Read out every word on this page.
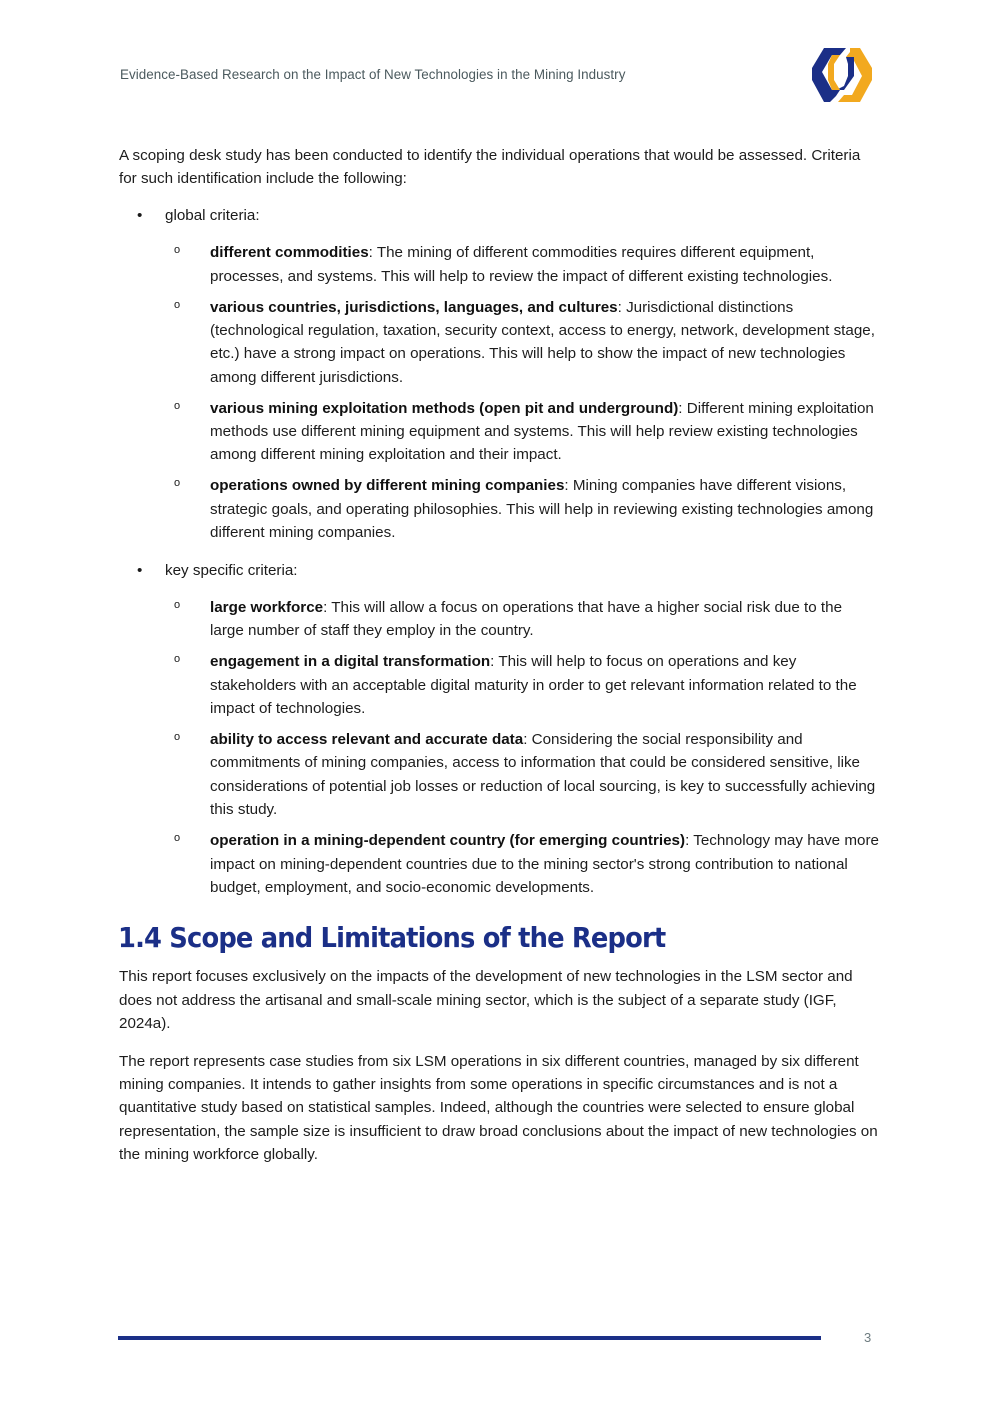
Evidence-Based Research on the Impact of New Technologies in the Mining Industry

A scoping desk study has been conducted to identify the individual operations that would be assessed. Criteria for such identification include the following:

• global criteria:
o different commodities: The mining of different commodities requires different equipment, processes, and systems. This will help to review the impact of different existing technologies.
o various countries, jurisdictions, languages, and cultures: Jurisdictional distinctions (technological regulation, taxation, security context, access to energy, network, development stage, etc.) have a strong impact on operations. This will help to show the impact of new technologies among different jurisdictions.
o various mining exploitation methods (open pit and underground): Different mining exploitation methods use different mining equipment and systems. This will help review existing technologies among different mining exploitation and their impact.
o operations owned by different mining companies: Mining companies have different visions, strategic goals, and operating philosophies. This will help in reviewing existing technologies among different mining companies.
• key specific criteria:
o large workforce: This will allow a focus on operations that have a higher social risk due to the large number of staff they employ in the country.
o engagement in a digital transformation: This will help to focus on operations and key stakeholders with an acceptable digital maturity in order to get relevant information related to the impact of technologies.
o ability to access relevant and accurate data: Considering the social responsibility and commitments of mining companies, access to information that could be considered sensitive, like considerations of potential job losses or reduction of local sourcing, is key to successfully achieving this study.
o operation in a mining-dependent country (for emerging countries): Technology may have more impact on mining-dependent countries due to the mining sector's strong contribution to national budget, employment, and socio-economic developments.
1.4 Scope and Limitations of the Report

This report focuses exclusively on the impacts of the development of new technologies in the LSM sector and does not address the artisanal and small-scale mining sector, which is the subject of a separate study (IGF, 2024a).

The report represents case studies from six LSM operations in six different countries, managed by six different mining companies. It intends to gather insights from some operations in specific circumstances and is not a quantitative study based on statistical samples. Indeed, although the countries were selected to ensure global representation, the sample size is insufficient to draw broad conclusions about the impact of new technologies on the mining workforce globally.

3
